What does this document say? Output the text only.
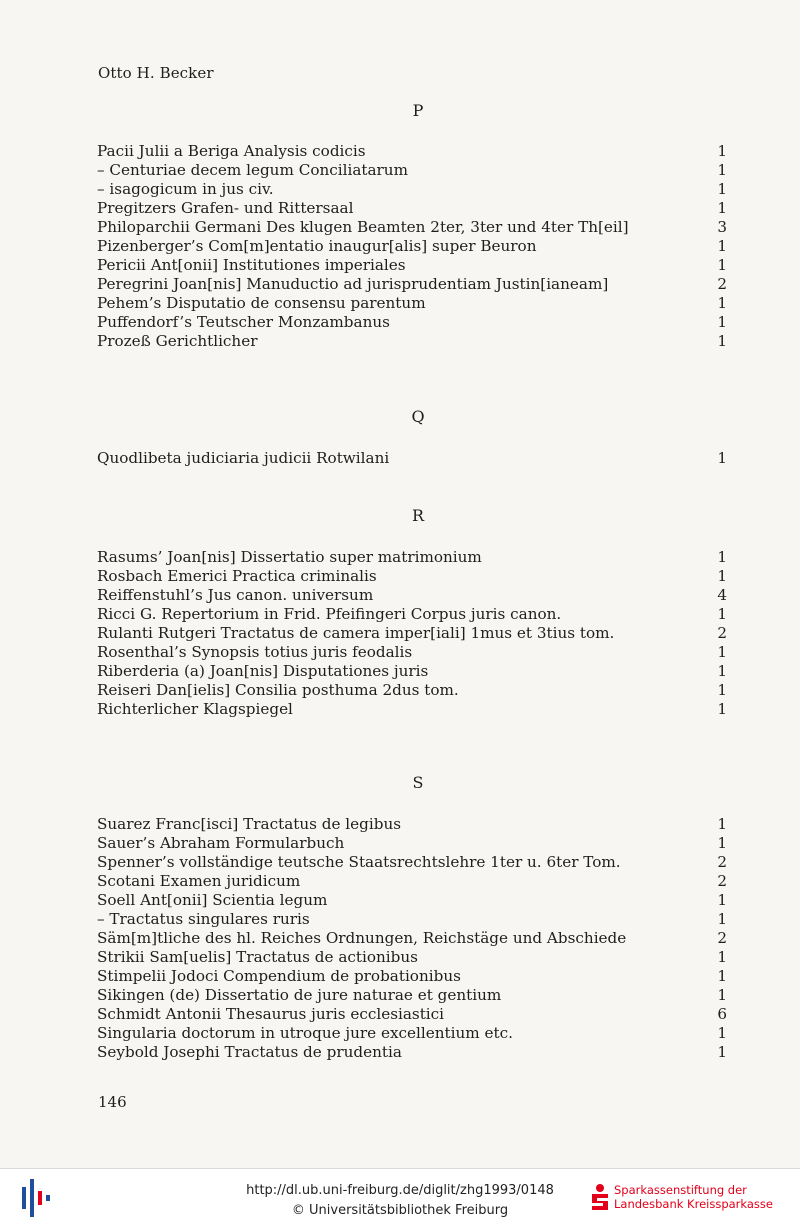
Otto H. Becker
P
Pacii Julii a Beriga Analysis codicis	1
– Centuriae decem legum Conciliatarum	1
– isagogicum in jus civ.	1
Pregitzers Grafen- und Rittersaal	1
Philoparchii Germani Des klugen Beamten 2ter, 3ter und 4ter Th[eil]	3
Pizenberger’s Com[m]entatio inaugur[alis] super Beuron	1
Pericii Ant[onii] Institutiones imperiales	1
Peregrini Joan[nis] Manuductio ad jurisprudentiam Justin[ianeam]	2
Pehem’s Disputatio de consensu parentum	1
Puffendorf’s Teutscher Monzambanus	1
Prozeß Gerichtlicher	1
Q
Quodlibeta judiciaria judicii Rotwilani	1
R
Rasums’ Joan[nis] Dissertatio super matrimonium	1
Rosbach Emerici Practica criminalis	1
Reiffenstuhl’s Jus canon. universum	4
Ricci G. Repertorium in Frid. Pfeifingeri Corpus juris canon.	1
Rulanti Rutgeri Tractatus de camera imper[iali] 1mus et 3tius tom.	2
Rosenthal’s Synopsis totius juris feodalis	1
Riberderia (a) Joan[nis] Disputationes juris	1
Reiseri Dan[ielis] Consilia posthuma 2dus tom.	1
Richterlicher Klagspiegel	1
S
Suarez Franc[isci] Tractatus de legibus	1
Sauer’s Abraham Formularbuch	1
Spenner’s vollständige teutsche Staatsrechtslehre 1ter u. 6ter Tom.	2
Scotani Examen juridicum	2
Soell Ant[onii] Scientia legum	1
– Tractatus singulares ruris	1
Säm[m]tliche des hl. Reiches Ordnungen, Reichstäge und Abschiede	2
Strikii Sam[uelis] Tractatus de actionibus	1
Stimpelii Jodoci Compendium de probationibus	1
Sikingen (de) Dissertatio de jure naturae et gentium	1
Schmidt Antonii Thesaurus juris ecclesiastici	6
Singularia doctorum in utroque jure excellentium etc.	1
Seybold Josephi Tractatus de prudentia	1
146
http://dl.ub.uni-freiburg.de/diglit/zhg1993/0148
© Universitätsbibliothek Freiburg
Sparkassenstiftung der
Landesbank Kreissparkasse
